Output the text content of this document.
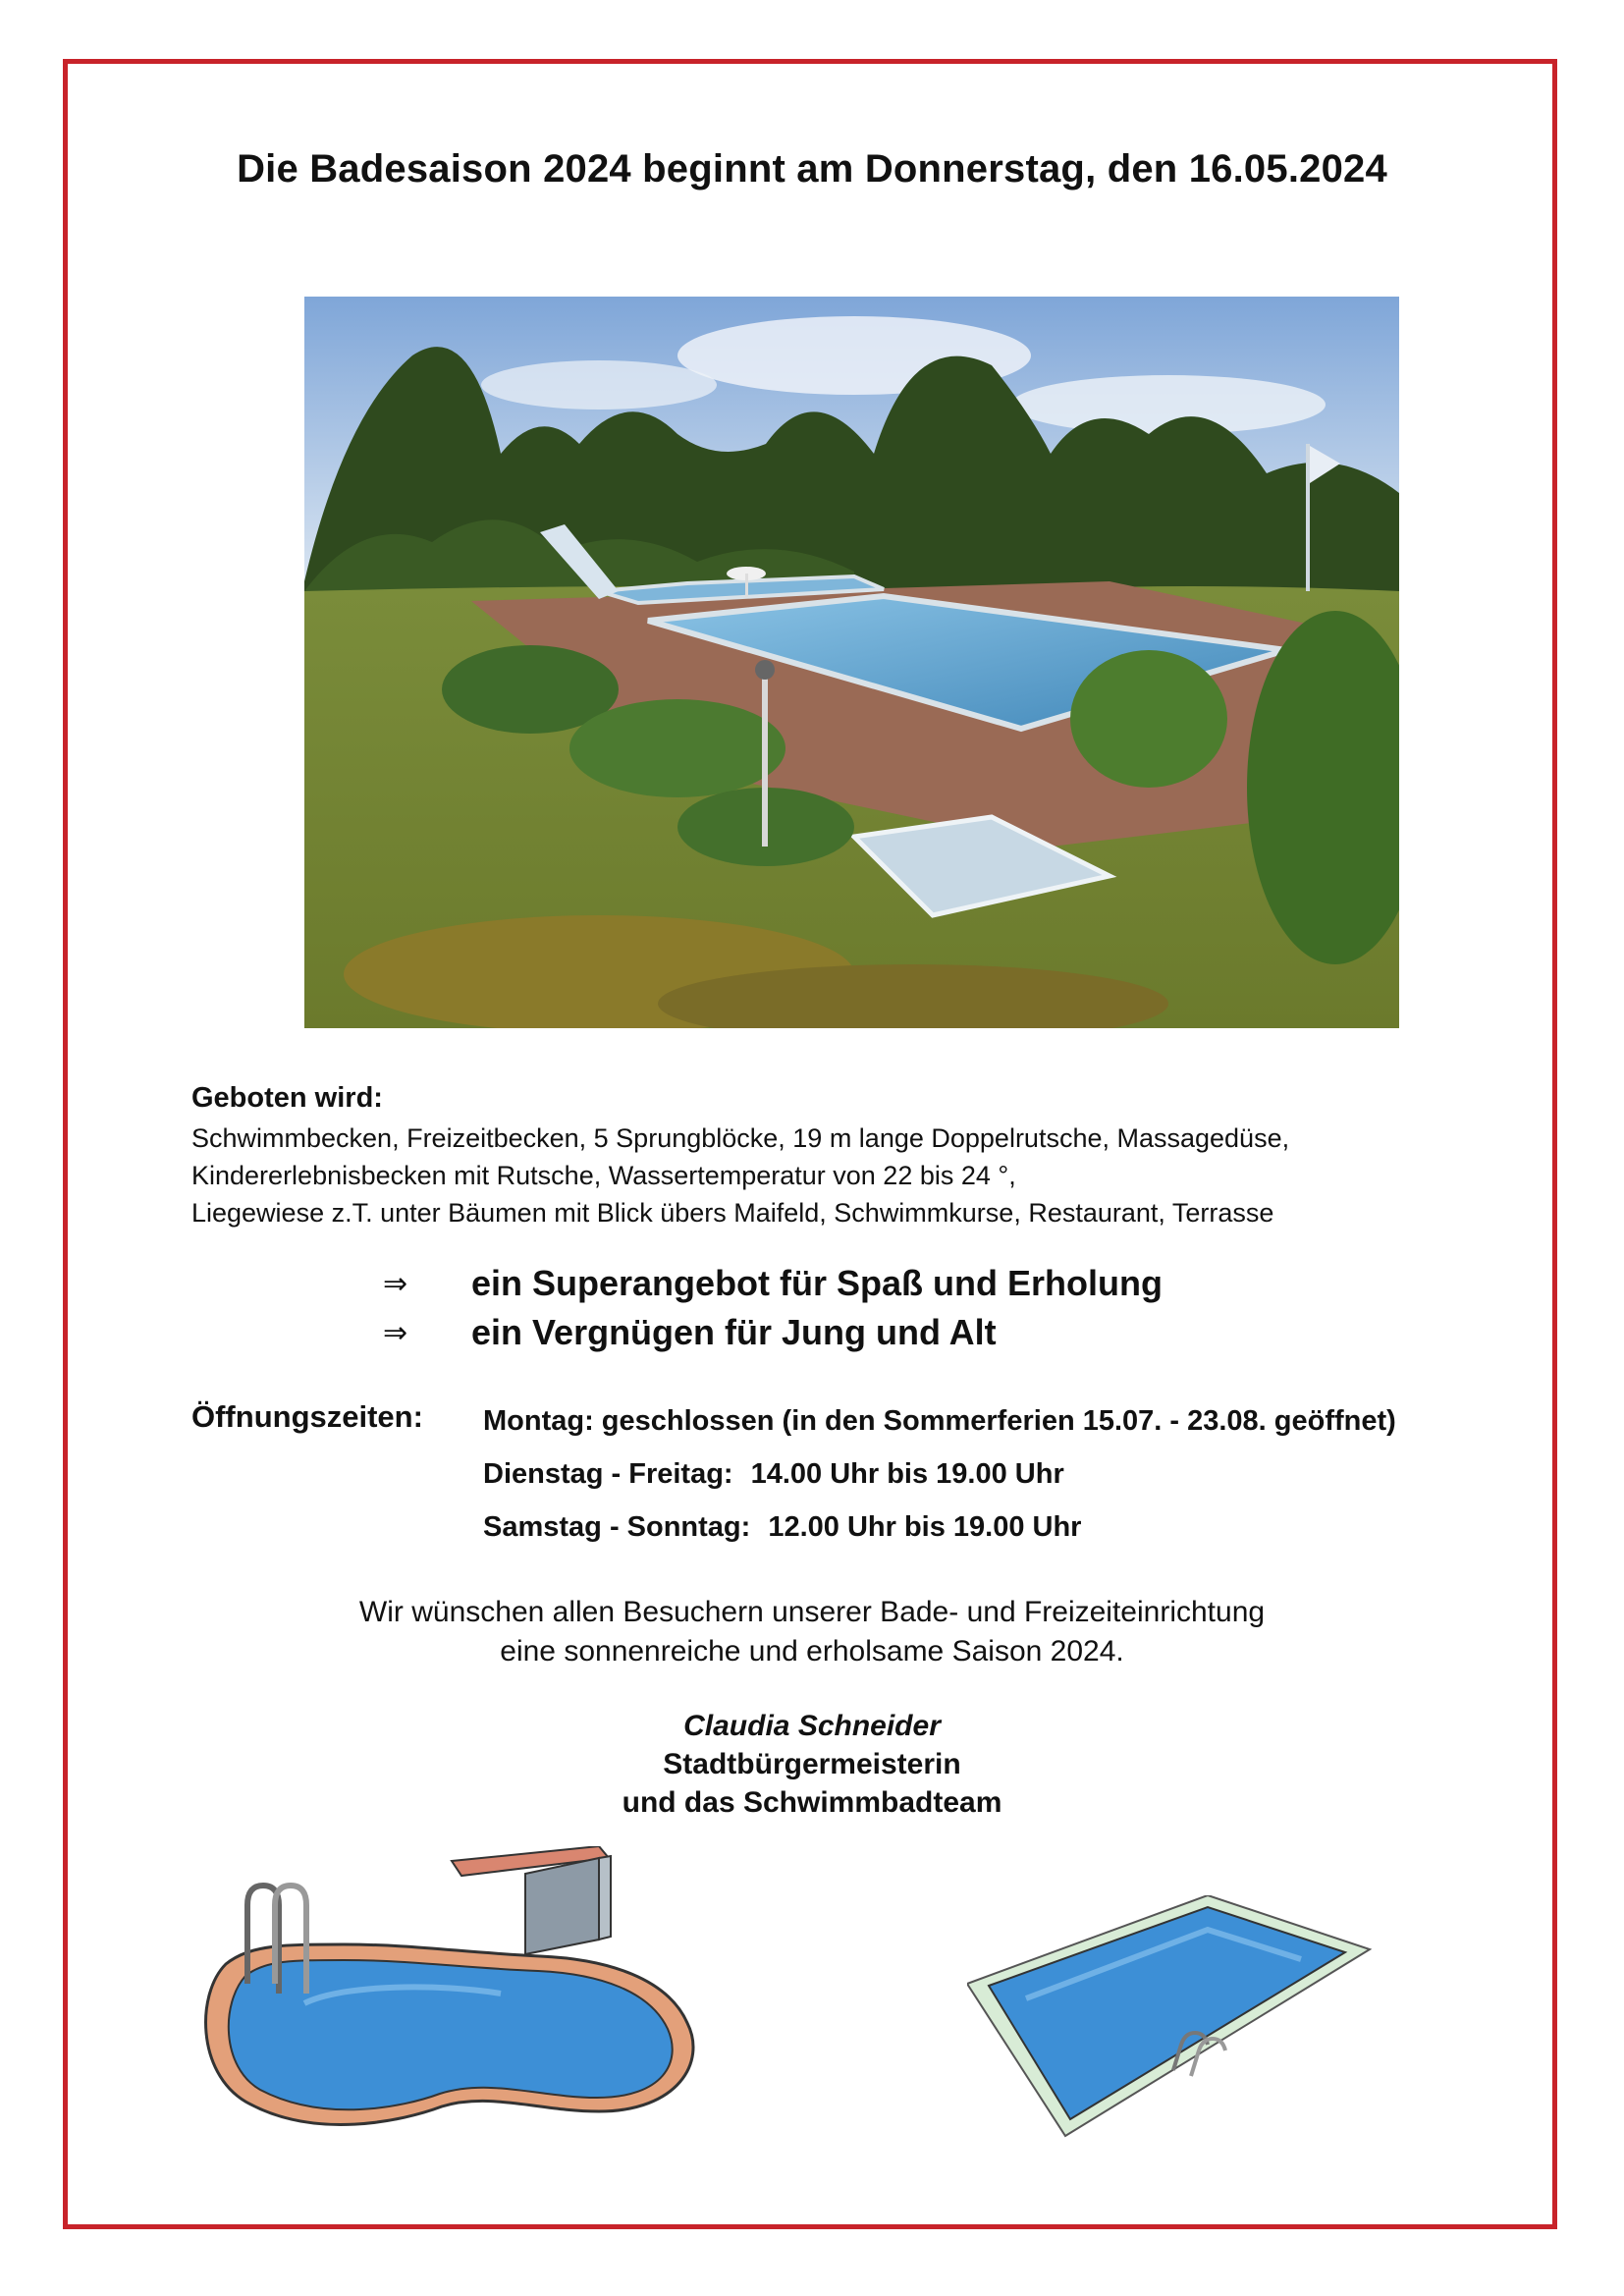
Die Badesaison 2024 beginnt am Donnerstag, den 16.05.2024
Geboten wird:
Schwimmbecken, Freizeitbecken, 5 Sprungblöcke, 19 m lange Doppelrutsche, Massagedüse,
Kindererlebnisbecken mit Rutsche, Wassertemperatur von 22 bis 24 °,
Liegewiese z.T. unter Bäumen mit Blick übers Maifeld, Schwimmkurse, Restaurant, Terrasse
⇒	ein Superangebot für Spaß und Erholung
⇒	ein Vergnügen für Jung und Alt
Öffnungszeiten: Montag: geschlossen (in den Sommerferien 15.07. - 23.08. geöffnet)
Dienstag - Freitag: 14.00 Uhr bis 19.00 Uhr
Samstag - Sonntag: 12.00 Uhr bis 19.00 Uhr
Wir wünschen allen Besuchern unserer Bade- und Freizeiteinrichtung
eine sonnenreiche und erholsame Saison 2024.
Claudia Schneider
Stadtbürgermeisterin
und das Schwimmbadteam
